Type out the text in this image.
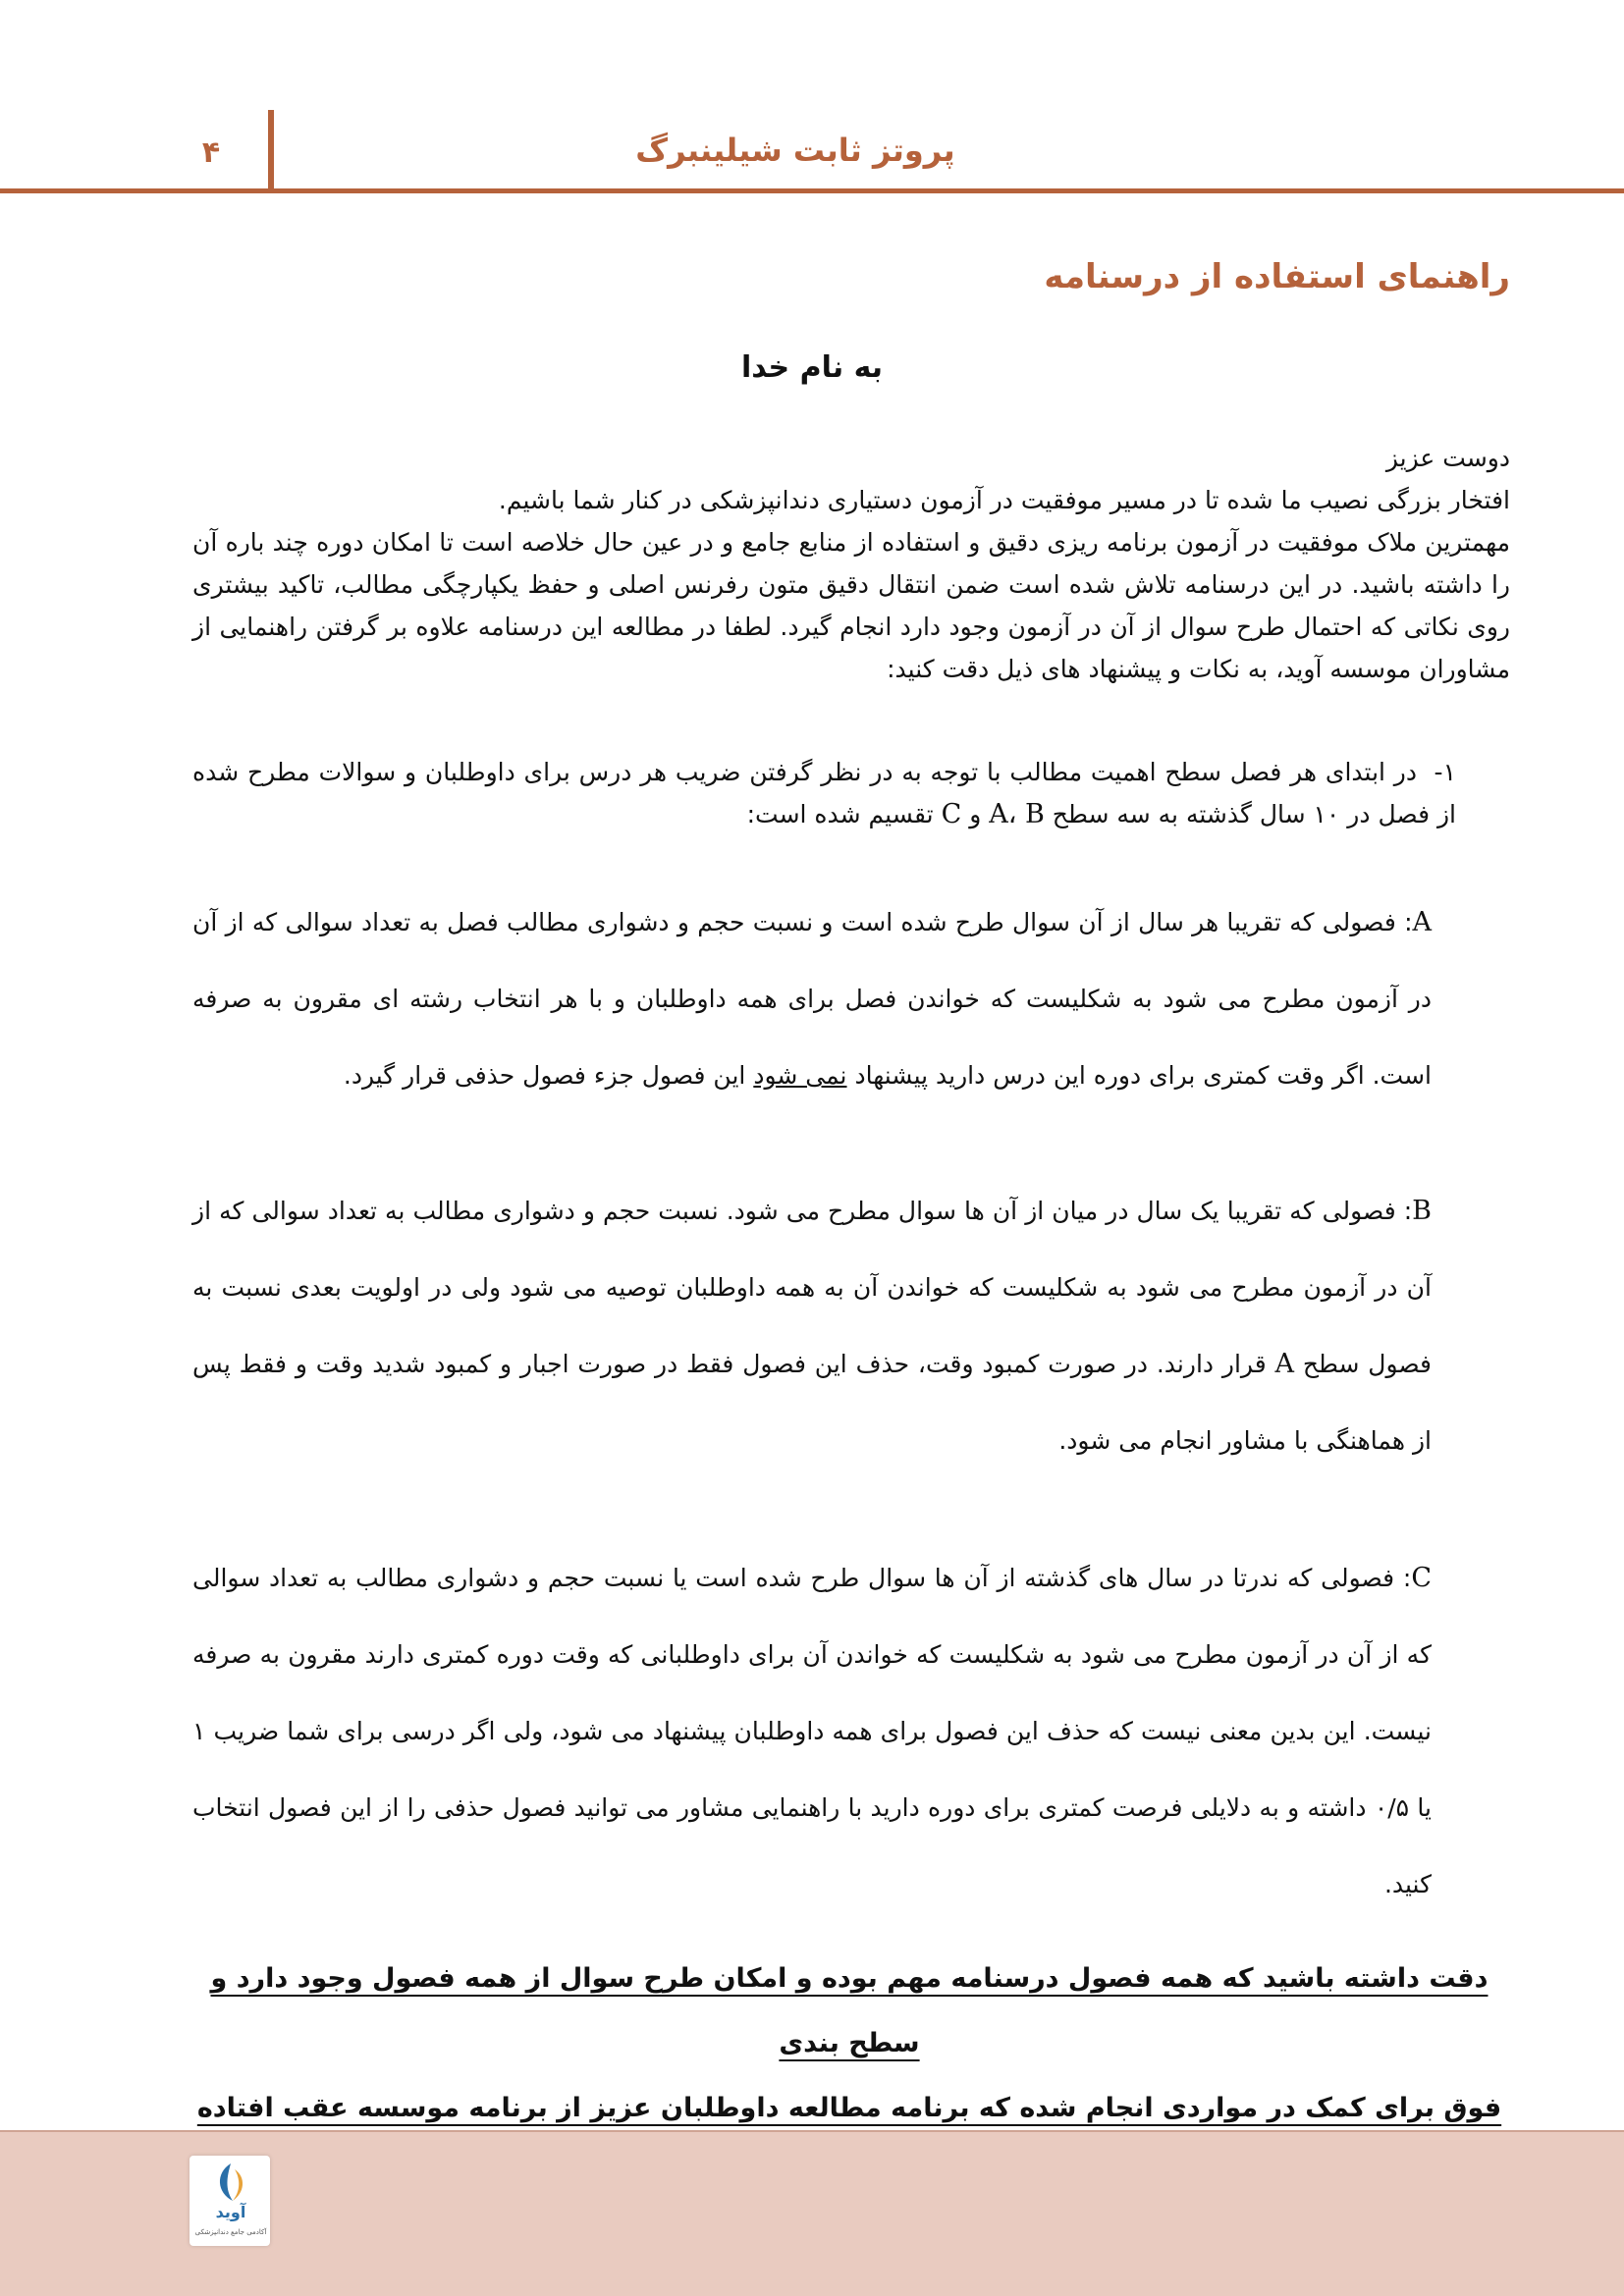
۴	پروتز ثابت شیلینبرگ
راهنمای استفاده از درسنامه
به نام خدا

دوست عزیز

افتخار بزرگی نصیب ما شده تا در مسیر موفقیت در آزمون دستیاری دندانپزشکی در کنار شما باشیم.

مهمترین ملاک موفقیت در آزمون برنامه ریزی دقیق و استفاده از منابع جامع و در عین حال خلاصه است تا امکان دوره چند باره آن را داشته باشید. در این درسنامه تلاش شده است ضمن انتقال دقیق متون رفرنس اصلی و حفظ یکپارچگی مطالب، تاکید بیشتری روی نکاتی که احتمال طرح سوال از آن در آزمون وجود دارد انجام گیرد. لطفا در مطالعه این درسنامه علاوه بر گرفتن راهنمایی از مشاوران موسسه آوید، به نکات و پیشنهاد های ذیل دقت کنید:

۱-در ابتدای هر فصل سطح اهمیت مطالب با توجه به در نظر گرفتن ضریب هر درس برای داوطلبان و سوالات مطرح شده از فصل در ۱۰ سال گذشته به سه سطح A، B و C تقسیم شده است:

A: فصولی که تقریبا هر سال از آن سوال طرح شده است و نسبت حجم و دشواری مطالب فصل به تعداد سوالی که از آن در آزمون مطرح می شود به شکلیست که خواندن فصل برای همه داوطلبان و با هر انتخاب رشته ای مقرون به صرفه است. اگر وقت کمتری برای دوره این درس دارید پیشنهاد نمی شود این فصول جزء فصول حذفی قرار گیرد.

B: فصولی که تقریبا یک سال در میان از آن ها سوال مطرح می شود. نسبت حجم و دشواری مطالب به تعداد سوالی که از آن در آزمون مطرح می شود به شکلیست که خواندن آن به همه داوطلبان توصیه می شود ولی در اولویت بعدی نسبت به فصول سطح A قرار دارند. در صورت کمبود وقت، حذف این فصول فقط در صورت اجبار و کمبود شدید وقت و فقط پس از هماهنگی با مشاور انجام می شود.

C: فصولی که ندرتا در سال های گذشته از آن ها سوال طرح شده است یا نسبت حجم و دشواری مطالب به تعداد سوالی که از آن در آزمون مطرح می شود به شکلیست که خواندن آن برای داوطلبانی که وقت دوره کمتری دارند مقرون به صرفه نیست. این بدین معنی نیست که حذف این فصول برای همه داوطلبان پیشنهاد می شود، ولی اگر درسی برای شما ضریب ۱ یا ۰/۵ داشته و به دلایلی فرصت کمتری برای دوره دارید با راهنمایی مشاور می توانید فصول حذفی را از این فصول انتخاب کنید.

دقت داشته باشید که همه فصول درسنامه مهم بوده و امکان طرح سوال از همه فصول وجود دارد و سطح بندی
فوق برای کمک در مواردی انجام شده که برنامه مطالعه داوطلبان عزیز از برنامه موسسه عقب افتاده
آوید
آکادمی جامع دندانپزشکی
